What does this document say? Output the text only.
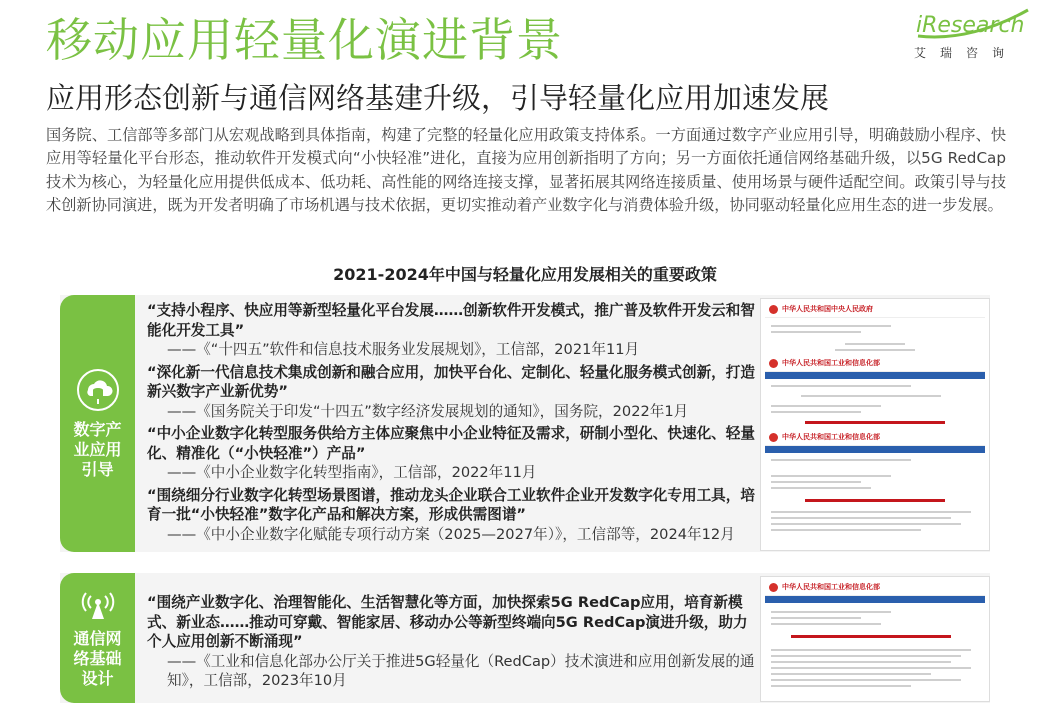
移动应用轻量化演进背景	iResearch
艾瑞咨询
应用形态创新与通信网络基建升级，引导轻量化应用加速发展
国务院、工信部等多部门从宏观战略到具体指南，构建了完整的轻量化应用政策支持体系。一方面通过数字产业应用引导，明确鼓励小程序、快应用等轻量化平台形态，推动软件开发模式向“小快轻准”进化，直接为应用创新指明了方向；另一方面依托通信网络基础升级，以5G RedCap 技术为核心，为轻量化应用提供低成本、低功耗、高性能的网络连接支撑，显著拓展其网络连接质量、使用场景与硬件适配空间。政策引导与技术创新协同演进，既为开发者明确了市场机遇与技术依据，更切实推动着产业数字化与消费体验升级，协同驱动轻量化应用生态的进一步发展。
2021-2024年中国与轻量化应用发展相关的重要政策
数字产业应用引导
“支持小程序、快应用等新型轻量化平台发展……创新软件开发模式，推广普及软件开发云和智能化开发工具”
——《“十四五”软件和信息技术服务业发展规划》，工信部，2021年11月
“深化新一代信息技术集成创新和融合应用，加快平台化、定制化、轻量化服务模式创新，打造新兴数字产业新优势”
——《国务院关于印发“十四五”数字经济发展规划的通知》，国务院，2022年1月
“中小企业数字化转型服务供给方主体应聚焦中小企业特征及需求，研制小型化、快速化、轻量化、精准化（“小快轻准”）产品”
——《中小企业数字化转型指南》，工信部，2022年11月
“围绕细分行业数字化转型场景图谱，推动龙头企业联合工业软件企业开发数字化专用工具，培育一批“小快轻准”数字化产品和解决方案，形成供需图谱”
——《中小企业数字化赋能专项行动方案（2025—2027年）》，工信部等，2024年12月
中华人民共和国中央人民政府
中华人民共和国工业和信息化部
中华人民共和国工业和信息化部
通信网络基础设计
“围绕产业数字化、治理智能化、生活智慧化等方面，加快探索5G RedCap应用，培育新模式、新业态……推动可穿戴、智能家居、移动办公等新型终端向5G RedCap演进升级，助力个人应用创新不断涌现”
——《工业和信息化部办公厅关于推进5G轻量化（RedCap）技术演进和应用创新发展的通知》，工信部，2023年10月
中华人民共和国工业和信息化部
